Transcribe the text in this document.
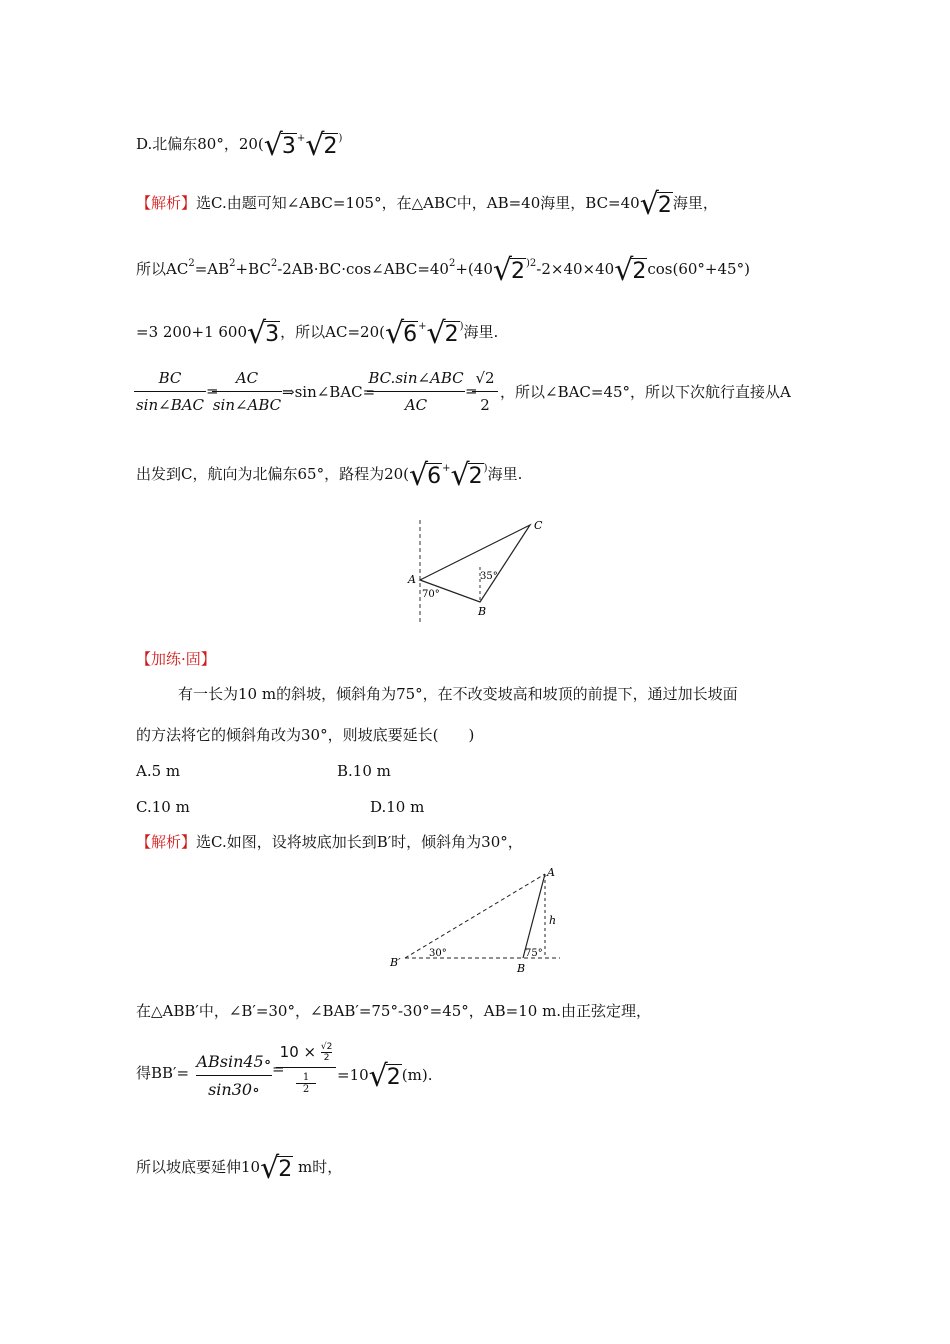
D.北偏东80°，20(√3+√2)
【解析】选C.由题可知∠ABC=105°，在△ABC中，AB=40海里，BC=40√2海里，
所以$AC^2=AB^2+BC^2-2AB\cdot BC\cdot\cos\angle ABC=40^2+(40√2^{)2}-2\times 40\times 40√2\cos(60^\circ+45^\circ)$
=3 200+1 600√3，所以AC=20(√6+√2)海里.
BC
sin∠BAC
=
AC
sin∠ABC
⇒sin∠BAC=
BC.sin∠ABC
AC
=
$\frac{√2}{2}$ ，所以∠BAC=45°，所以下次航行直接从A
出发到C，航向为北偏东65°，路程为20(√6+√2)海里.
A
B
C
70°
35°
【加练·固】
有一长为10 m的斜坡，倾斜角为75°，在不改变坡高和坡顶的前提下，通过加长坡面
的方法将它的倾斜角改为30°，则坡底要延长(　　)
A.5 m	B.10 m
C.10 m	D.10 m
【解析】选C.如图，设将坡底加长到B′时，倾斜角为30°，
A
B
B′
h
30°	75°
在△ABB′中，∠B′=30°，∠BAB′=75°-30°=45°，AB=10 m.由正弦定理，
得$BB'= \frac{ABsin45\circ}{\sin 30\circ}$ =
$10 \times \frac{√2}{2}$
1
2
=10√2(m).
所以坡底要延伸10√2 m时，
